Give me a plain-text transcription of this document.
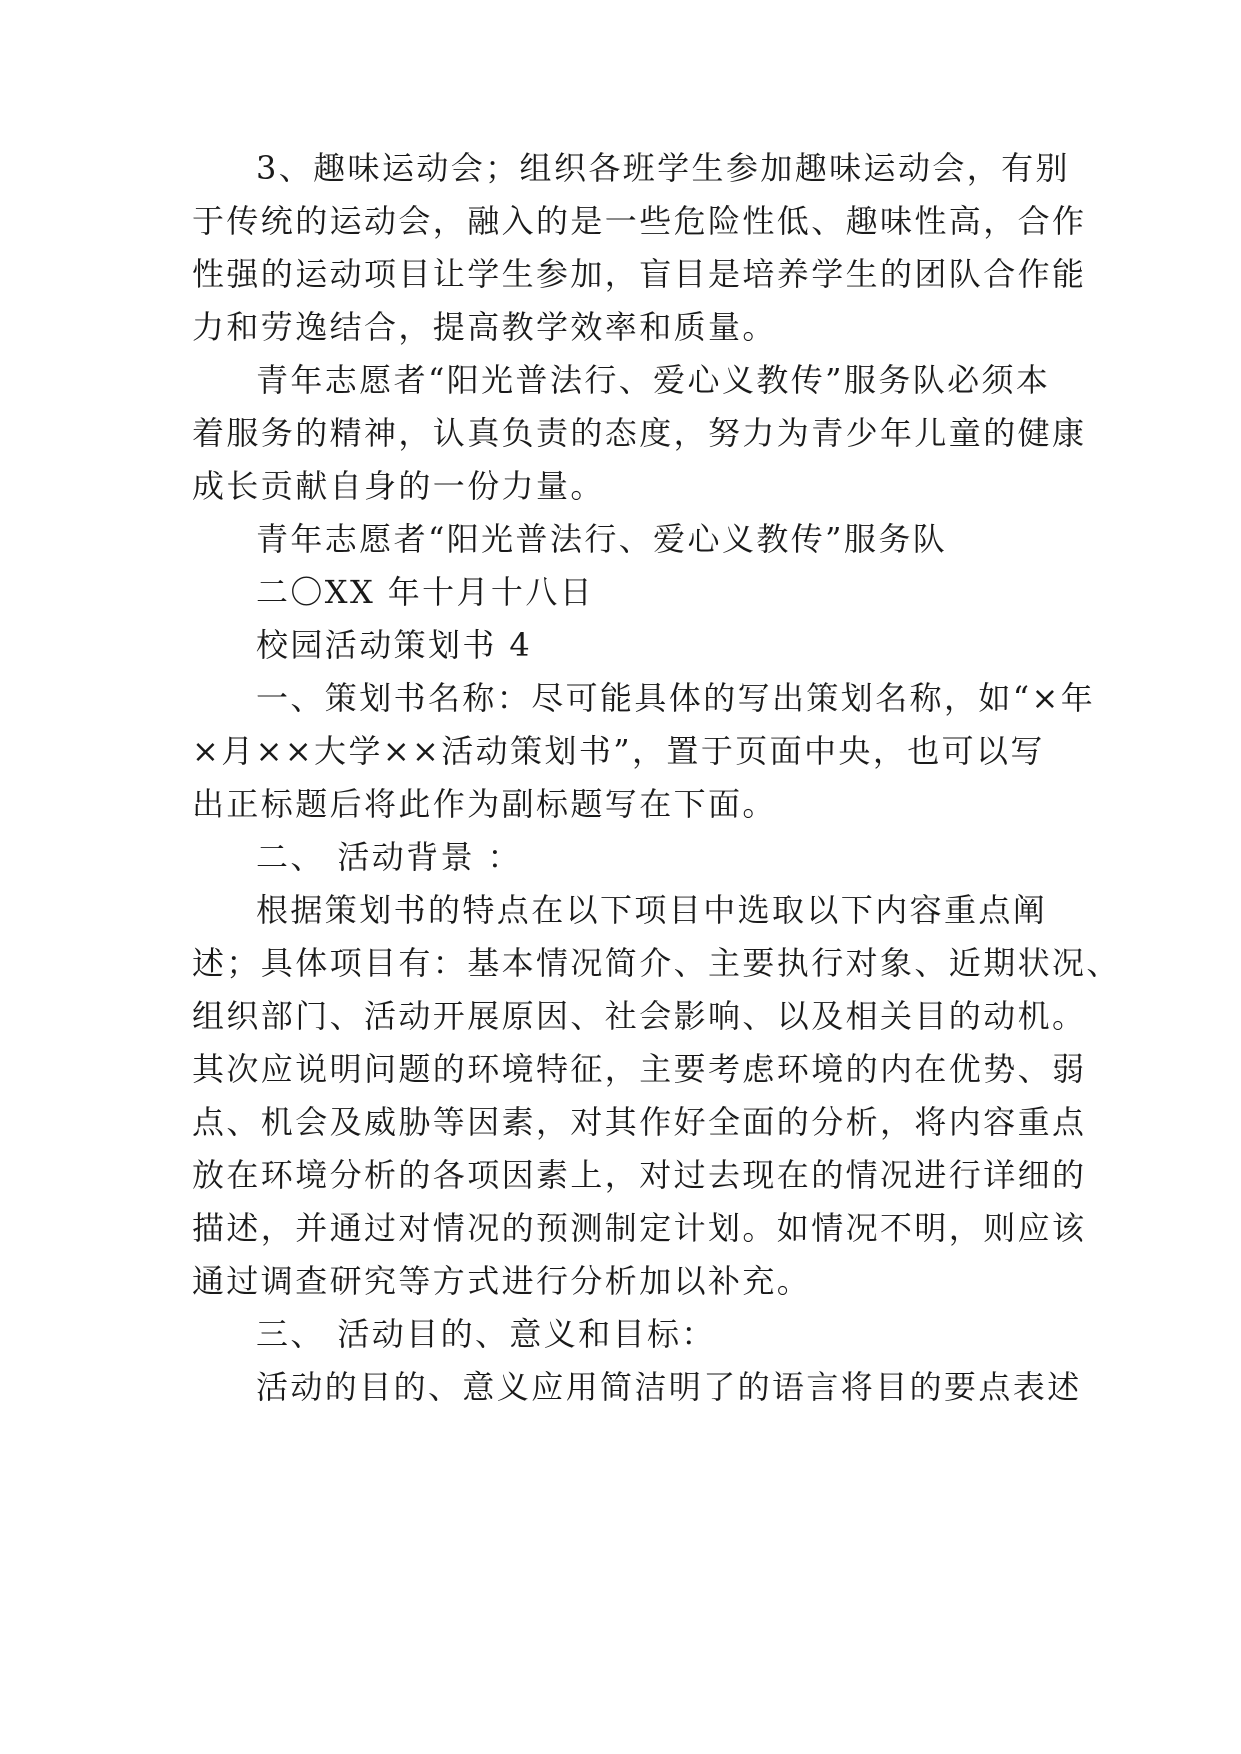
3、趣味运动会；组织各班学生参加趣味运动会，有别
于传统的运动会，融入的是一些危险性低、趣味性高，合作
性强的运动项目让学生参加，盲目是培养学生的团队合作能
力和劳逸结合，提高教学效率和质量。
青年志愿者“阳光普法行、爱心义教传”服务队必须本
着服务的精神，认真负责的态度，努力为青少年儿童的健康
成长贡献自身的一份力量。
青年志愿者“阳光普法行、爱心义教传”服务队
二〇XX 年十月十八日
校园活动策划书 4
一、策划书名称：尽可能具体的写出策划名称，如“×年
×月××大学××活动策划书”，置于页面中央，也可以写
出正标题后将此作为副标题写在下面。
二、 活动背景 ：
根据策划书的特点在以下项目中选取以下内容重点阐
述；具体项目有：基本情况简介、主要执行对象、近期状况、
组织部门、活动开展原因、社会影响、以及相关目的动机。
其次应说明问题的环境特征，主要考虑环境的内在优势、弱
点、机会及威胁等因素，对其作好全面的分析，将内容重点
放在环境分析的各项因素上，对过去现在的情况进行详细的
描述，并通过对情况的预测制定计划。如情况不明，则应该
通过调查研究等方式进行分析加以补充。
三、 活动目的、意义和目标：
活动的目的、意义应用简洁明了的语言将目的要点表述
